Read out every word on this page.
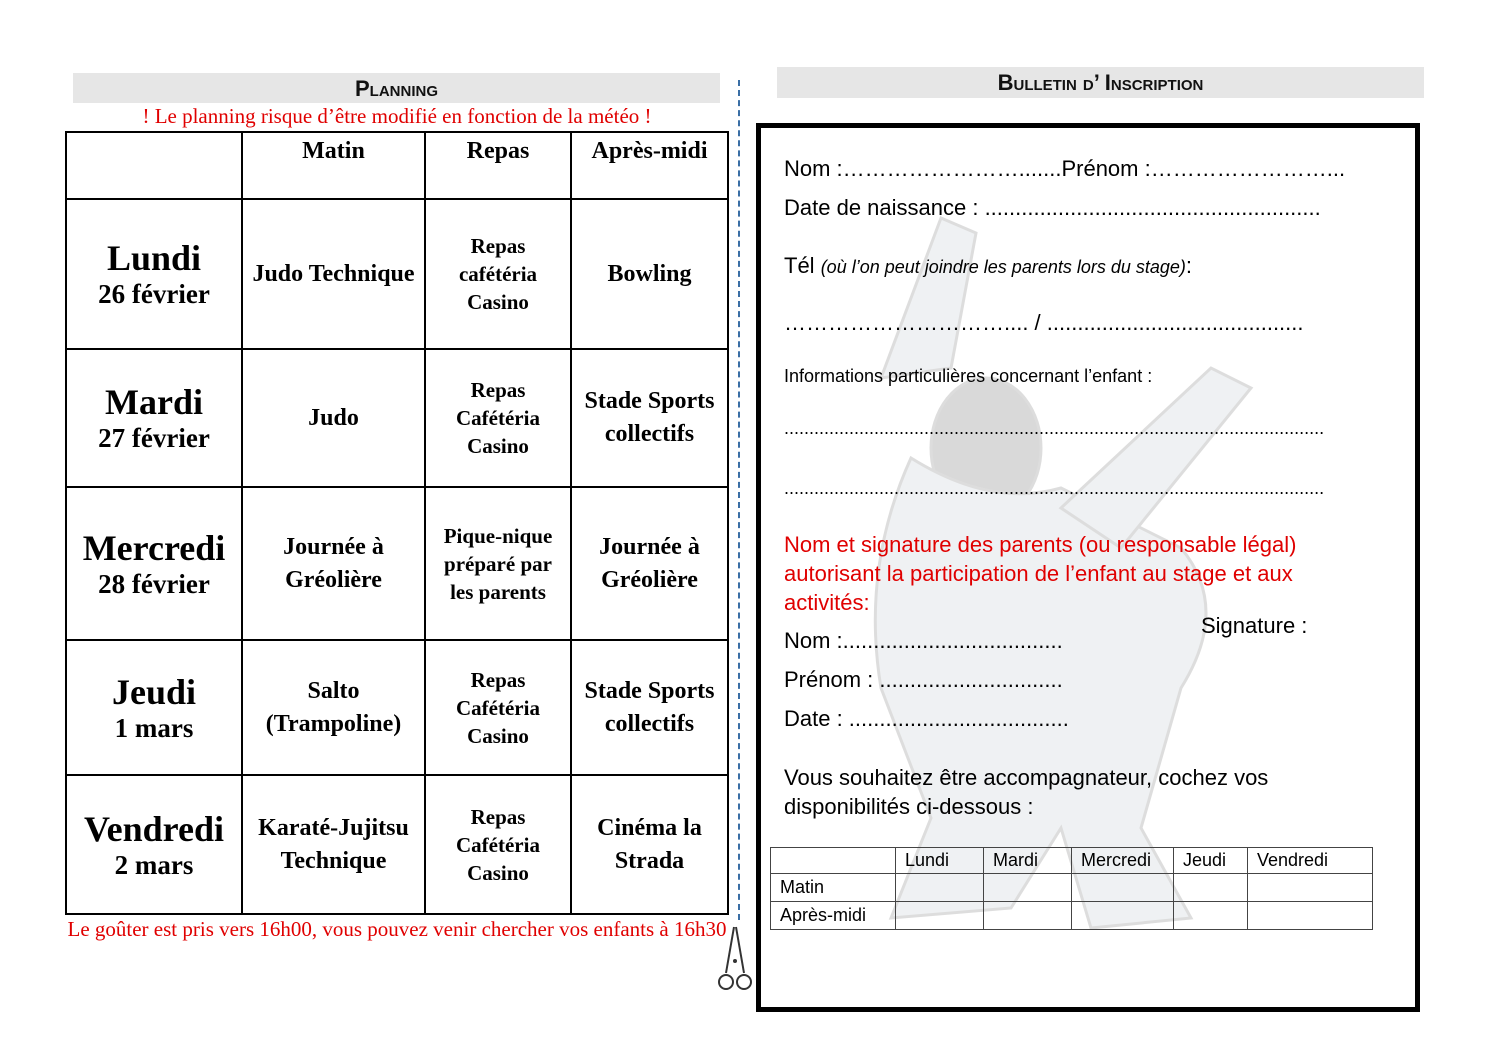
Planning
! Le planning risque d’être modifié en fonction de la météo !
	Matin	Repas	Après-midi

Lundi
26 février	Judo Technique	Repas cafétéria Casino	Bowling

Mardi
27 février	Judo	Repas Cafétéria Casino	Stade Sports collectifs

Mercredi
28 février	Journée à Gréolière	Pique-nique préparé par les parents	Journée à Gréolière

Jeudi
1 mars	Salto (Trampoline)	Repas Cafétéria Casino	Stade Sports collectifs

Vendredi
2 mars	Karaté-Jujitsu Technique	Repas Cafétéria Casino	Cinéma la Strada
Le goûter est pris vers 16h00, vous pouvez venir chercher vos enfants à 16h30
Bulletin d’ Inscription
Nom :…………………….......Prénom :……………………...
Date de naissance : .......................................................
Tél (où l’on peut joindre les parents lors du stage):
………………………….... / ..........................................
Informations particulières concernant l’enfant :
............................................................................................................
............................................................................................................
Nom et signature des parents (ou responsable légal) autorisant la participation de l’enfant au stage et aux activités:
Signature :
Nom :....................................
Prénom : ..............................
Date : ....................................
Vous souhaitez être accompagnateur, cochez vos disponibilités ci-dessous :
	Lundi	Mardi	Mercredi	Jeudi	Vendredi
Matin					
Après-midi					
